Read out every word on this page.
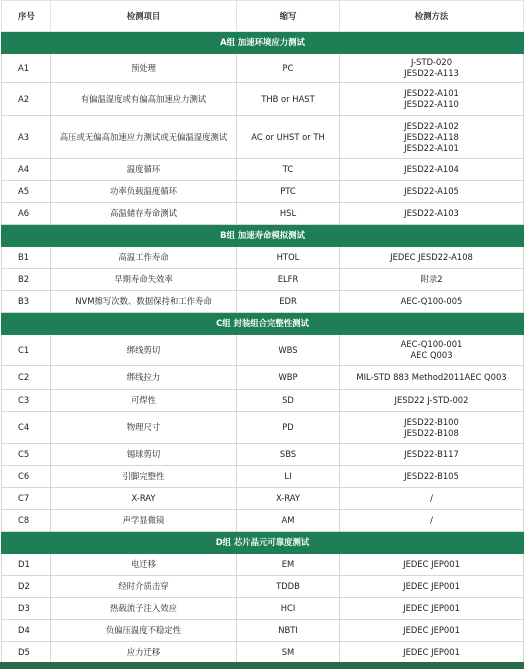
序号	检测项目	缩写	检测方法
A组 加速环境应力测试			
A1	预处理	PC	J-STD-020
JESD22-A113

A2	有偏温湿度或有偏高加速应力测试	THB or HAST	JESD22-A101
JESD22-A110

A3	高压或无偏高加速应力测试或无偏温湿度测试	AC or UHST or TH	JESD22-A102
JESD22-A118
JESD22-A101

A4	温度循环	TC	JESD22-A104

A5	功率负载温度循环	PTC	JESD22-A105

A6	高温储存寿命测试	HSL	JESD22-A103

B组 加速寿命模拟测试			
B1	高温工作寿命	HTOL	JEDEC JESD22-A108

B2	早期寿命失效率	ELFR	附录2

B3	NVM擦写次数、数据保持和工作寿命	EDR	AEC-Q100-005

C组 封装组合完整性测试			
C1	绑线剪切	WBS	AEC-Q100-001
AEC Q003

C2	绑线拉力	WBP	MIL-STD 883 Method2011AEC Q003

C3	可焊性	SD	JESD22 J-STD-002

C4	物理尺寸	PD	JESD22-B100
JESD22-B108

C5	锡球剪切	SBS	JESD22-B117

C6	引脚完整性	LI	JESD22-B105

C7	X-RAY	X-RAY	/

C8	声学显微镜	AM	/

D组 芯片晶元可靠度测试			
D1	电迁移	EM	JEDEC JEP001

D2	经时介质击穿	TDDB	JEDEC JEP001

D3	热载流子注入效应	HCI	JEDEC JEP001

D4	负偏压温度不稳定性	NBTI	JEDEC JEP001

D5	应力迁移	SM	JEDEC JEP001
